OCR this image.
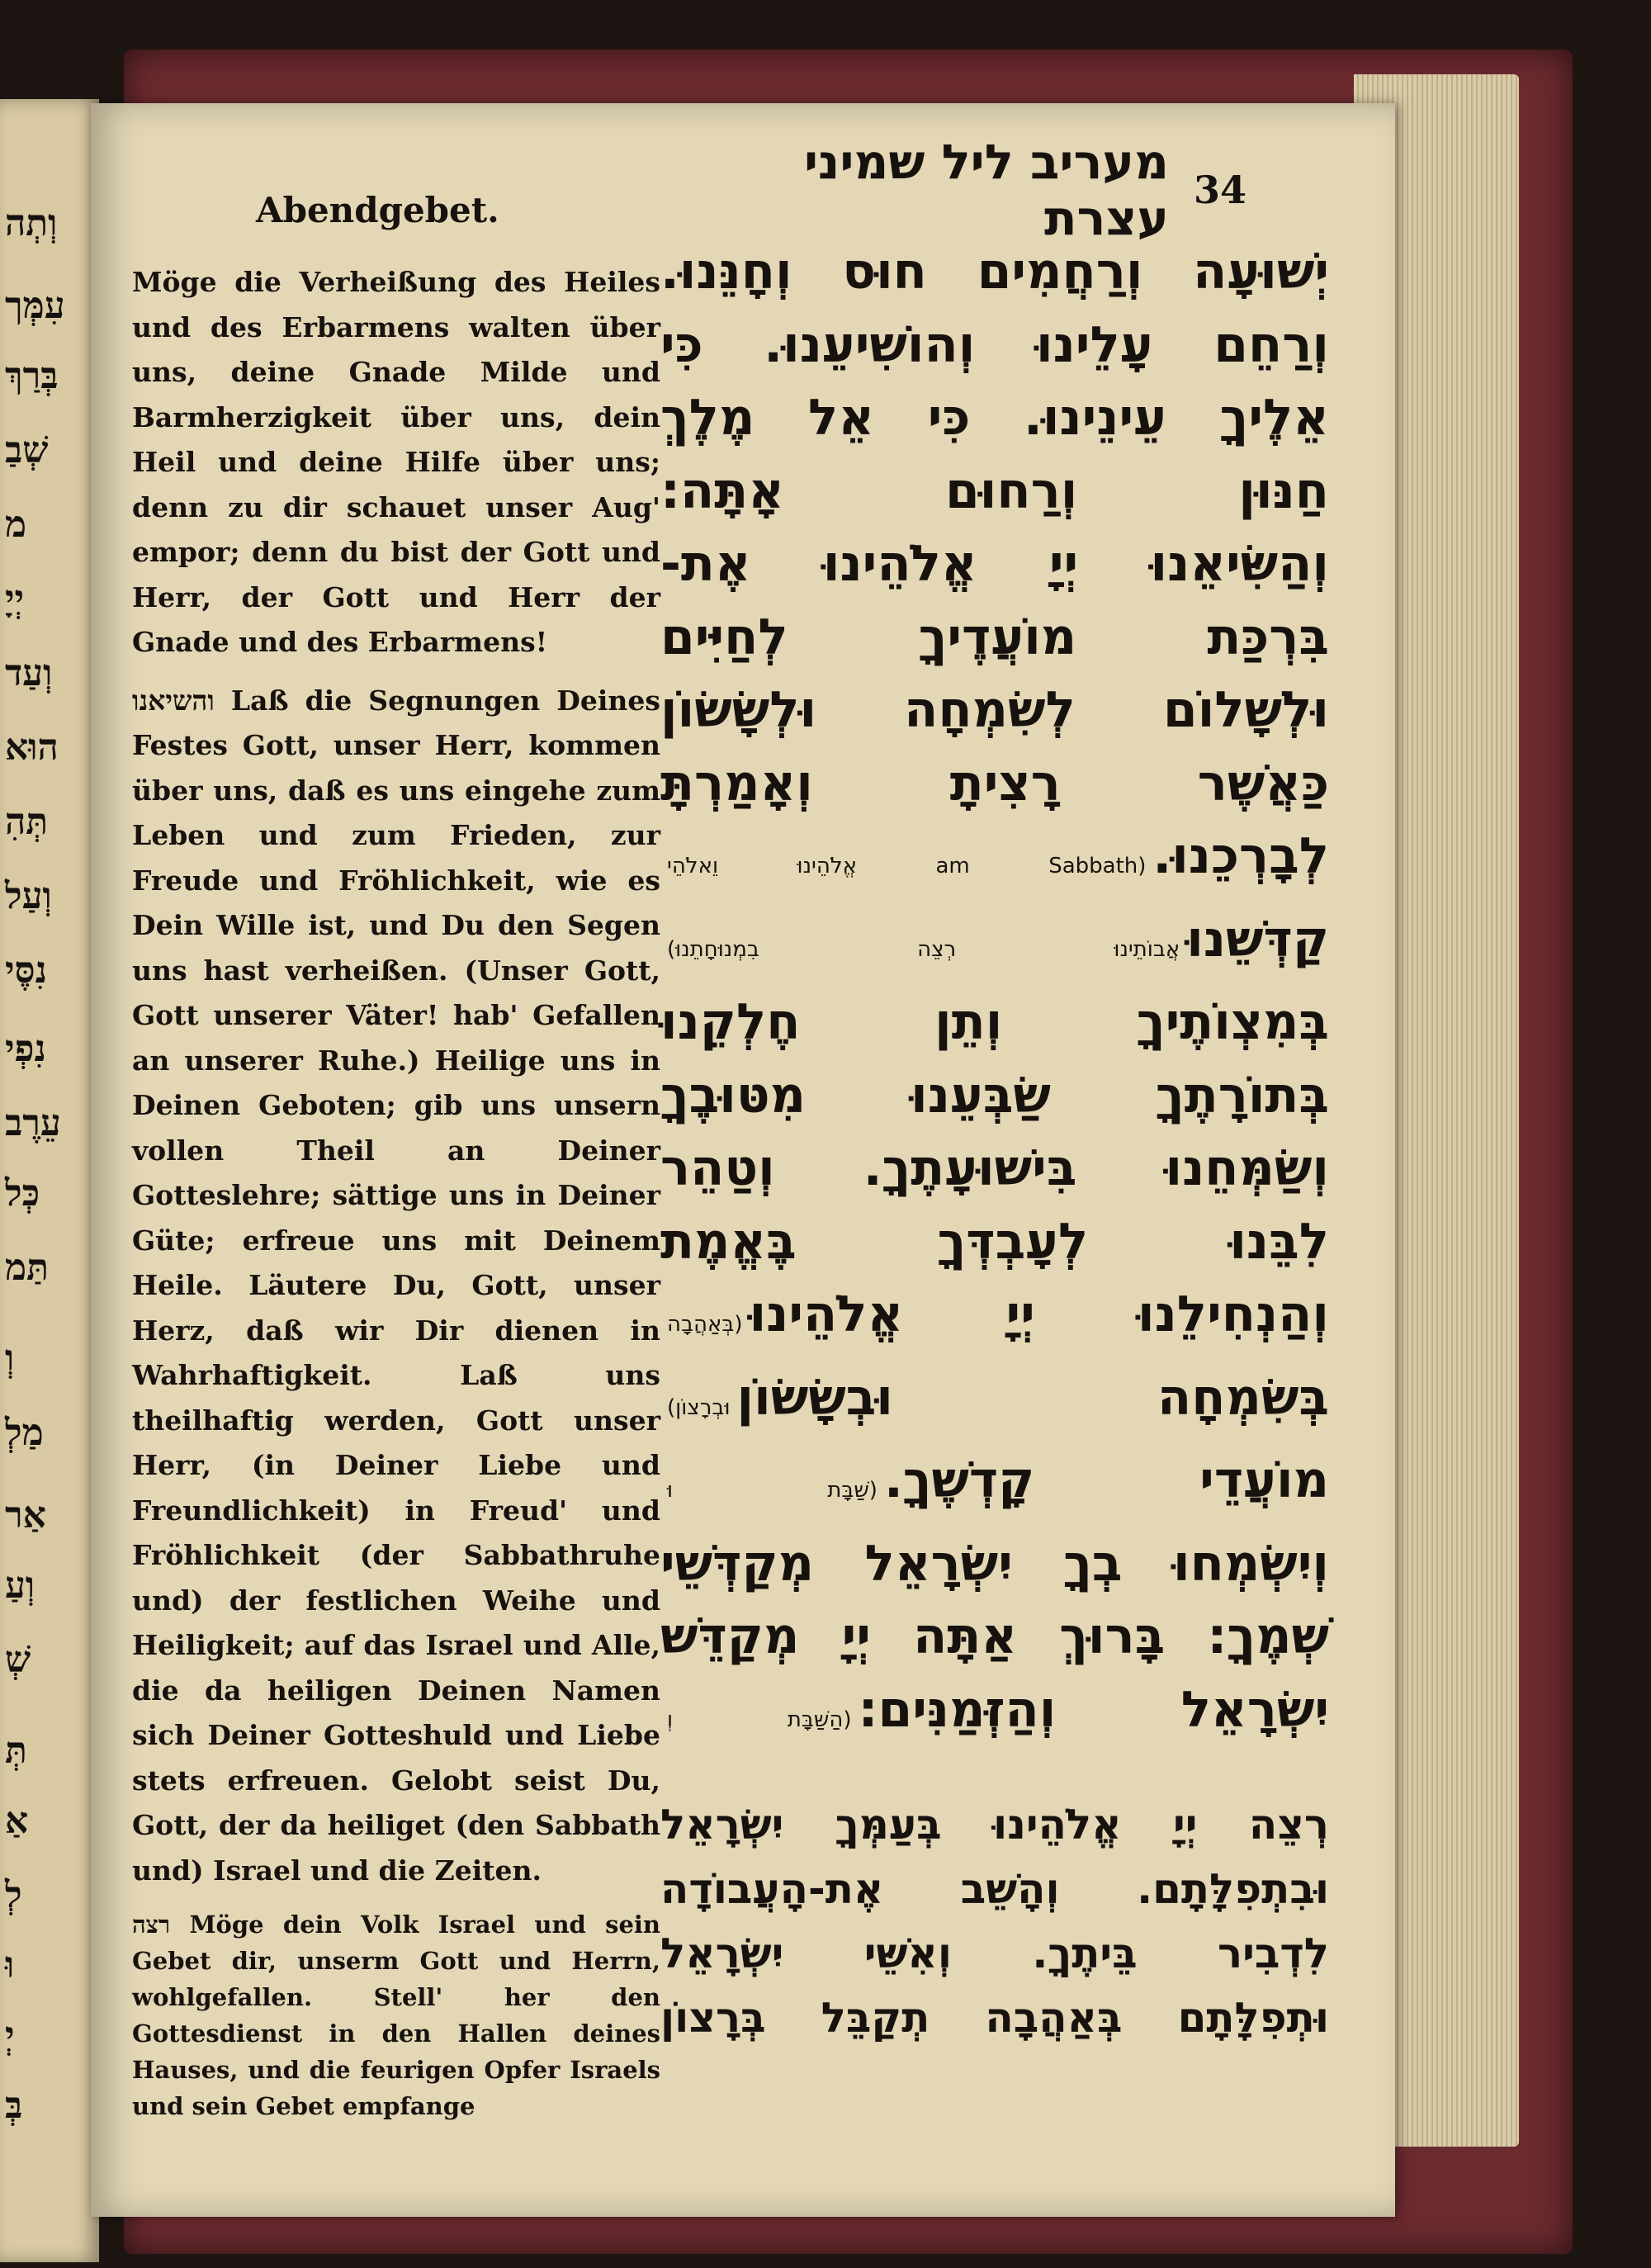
וְתְה
עִמְּך
בְּרַךְ
שְׁבַ
מ
יְיָ
וְעַד
הוּא
תְּהִ
וְעַל
נִסֶּי
נִפְי
עֵרֶב
כְּל
תַּמ
וְ
מַלְ
אַר
וְעַ
שְׁ
תְּ
אַ
לְ
וּ
יְ
בְּ
Abendgebet.	34
מעריב ליל שמיני עצרת

Möge die Verheißung des Heiles und des Erbarmens walten über uns, deine Gnade Milde und Barmherzigkeit über uns, dein Heil und deine Hilfe über uns; denn zu dir schauet unser Aug' empor; denn du bist der Gott und Herr, der Gott und Herr der Gnade und des Erbarmens!

והשיאנו Laß die Segnungen Deines Festes Gott, unser Herr, kommen über uns, daß es uns eingehe zum Leben und zum Frieden, zur Freude und Fröhlichkeit, wie es Dein Wille ist, und Du den Segen uns hast verheißen. (Unser Gott, Gott unserer Väter! hab' Gefallen an unserer Ruhe.) Heilige uns in Deinen Geboten; gib uns unsern vollen Theil an Deiner Gotteslehre; sättige uns in Deiner Güte; erfreue uns mit Deinem Heile. Läutere Du, Gott, unser Herz, daß wir Dir dienen in Wahrhaftigkeit. Laß uns theilhaftig werden, Gott unser Herr, (in Deiner Liebe und Freundlichkeit) in Freud' und Fröhlichkeit (der Sabbathruhe und) der festlichen Weihe und Heiligkeit; auf das Israel und Alle, die da heiligen Deinen Namen sich Deiner Gotteshuld und Liebe stets erfreuen. Gelobt seist Du, Gott, der da heiliget (den Sabbath und) Israel und die Zeiten.

רצה Möge dein Volk Israel und sein Gebet dir, unserm Gott und Herrn, wohlgefallen. Stell' her den Gottesdienst in den Hallen deines Hauses, und die feurigen Opfer Israels und sein Gebet empfange

יְשׁוּעָה וְרַחֲמִים חוּס וְחָנֵּנוּ.
וְרַחֵם עָלֵינוּ וְהוֹשִׁיעֵנוּ. כִּי
אֵלֶיךָ עֵינֵינוּ. כִּי אֵל מֶלֶךְ
חַנּוּן וְרַחוּם אָתָּה:
וְהַשִּׂיאֵנוּ יְיָ אֱלֹהֵינוּ אֶת-
בִּרְכַּת מוֹעֲדֶיךָ לְחַיִּים
וּלְשָׁלוֹם לְשִׂמְחָה וּלְשָׂשׂוֹן
כַּאֲשֶׁר רָצִיתָ וְאָמַרְתָּ
לְבָרְכֵנוּ.(am Sabbath אֱלֹהֵינוּ וֵאלֹהֵי
קַדְּשֵׁנוּאֲבוֹתֵינוּ רְצֵה בִמְנוּחָתֵנוּ)
בְּמִצְוֹתֶיךָ וְתֵן חֶלְקֵנוּ
בְּתוֹרָתֶךָ שַׂבְּעֵנוּ מִטּוּבֶךָ
וְשַׂמְּחֵנוּ בִּישׁוּעָתֶךָ. וְטַהֵר
לִבֵּנוּ לְעָבְדְּךָ בֶּאֱמֶת
וְהַנְחִילֵנוּ יְיָ אֱלֹהֵינוּ(בְּאַהֲבָה
בְּשִׂמְחָה וּבְשָׂשׂוֹןוּבְרָצוֹן)
מוֹעֲדֵי קָדְשֶׁךָ.(שַׁבָּת וּ
וְיִשְׂמְחוּ בְךָ יִשְׂרָאֵל מְקַדְּשֵׁי
שְׁמֶךָ: בָּרוּךְ אַתָּה יְיָ מְקַדֵּשׁ
יִשְׂרָאֵל וְהַזְּמַנִּים:(הַשַּׁבָּת וְ
רְצֵה יְיָ אֱלֹהֵינוּ בְּעַמְּךָ יִשְׂרָאֵל
וּבִתְפִלָּתָם. וְהָשֵׁב אֶת-הָעֲבוֹדָה
לִדְבִיר בֵּיתֶךָ. וְאִשֵּׁי יִשְׂרָאֵל
וּתְפִלָּתָם בְּאַהֲבָה תְקַבֵּל בְּרָצוֹן
